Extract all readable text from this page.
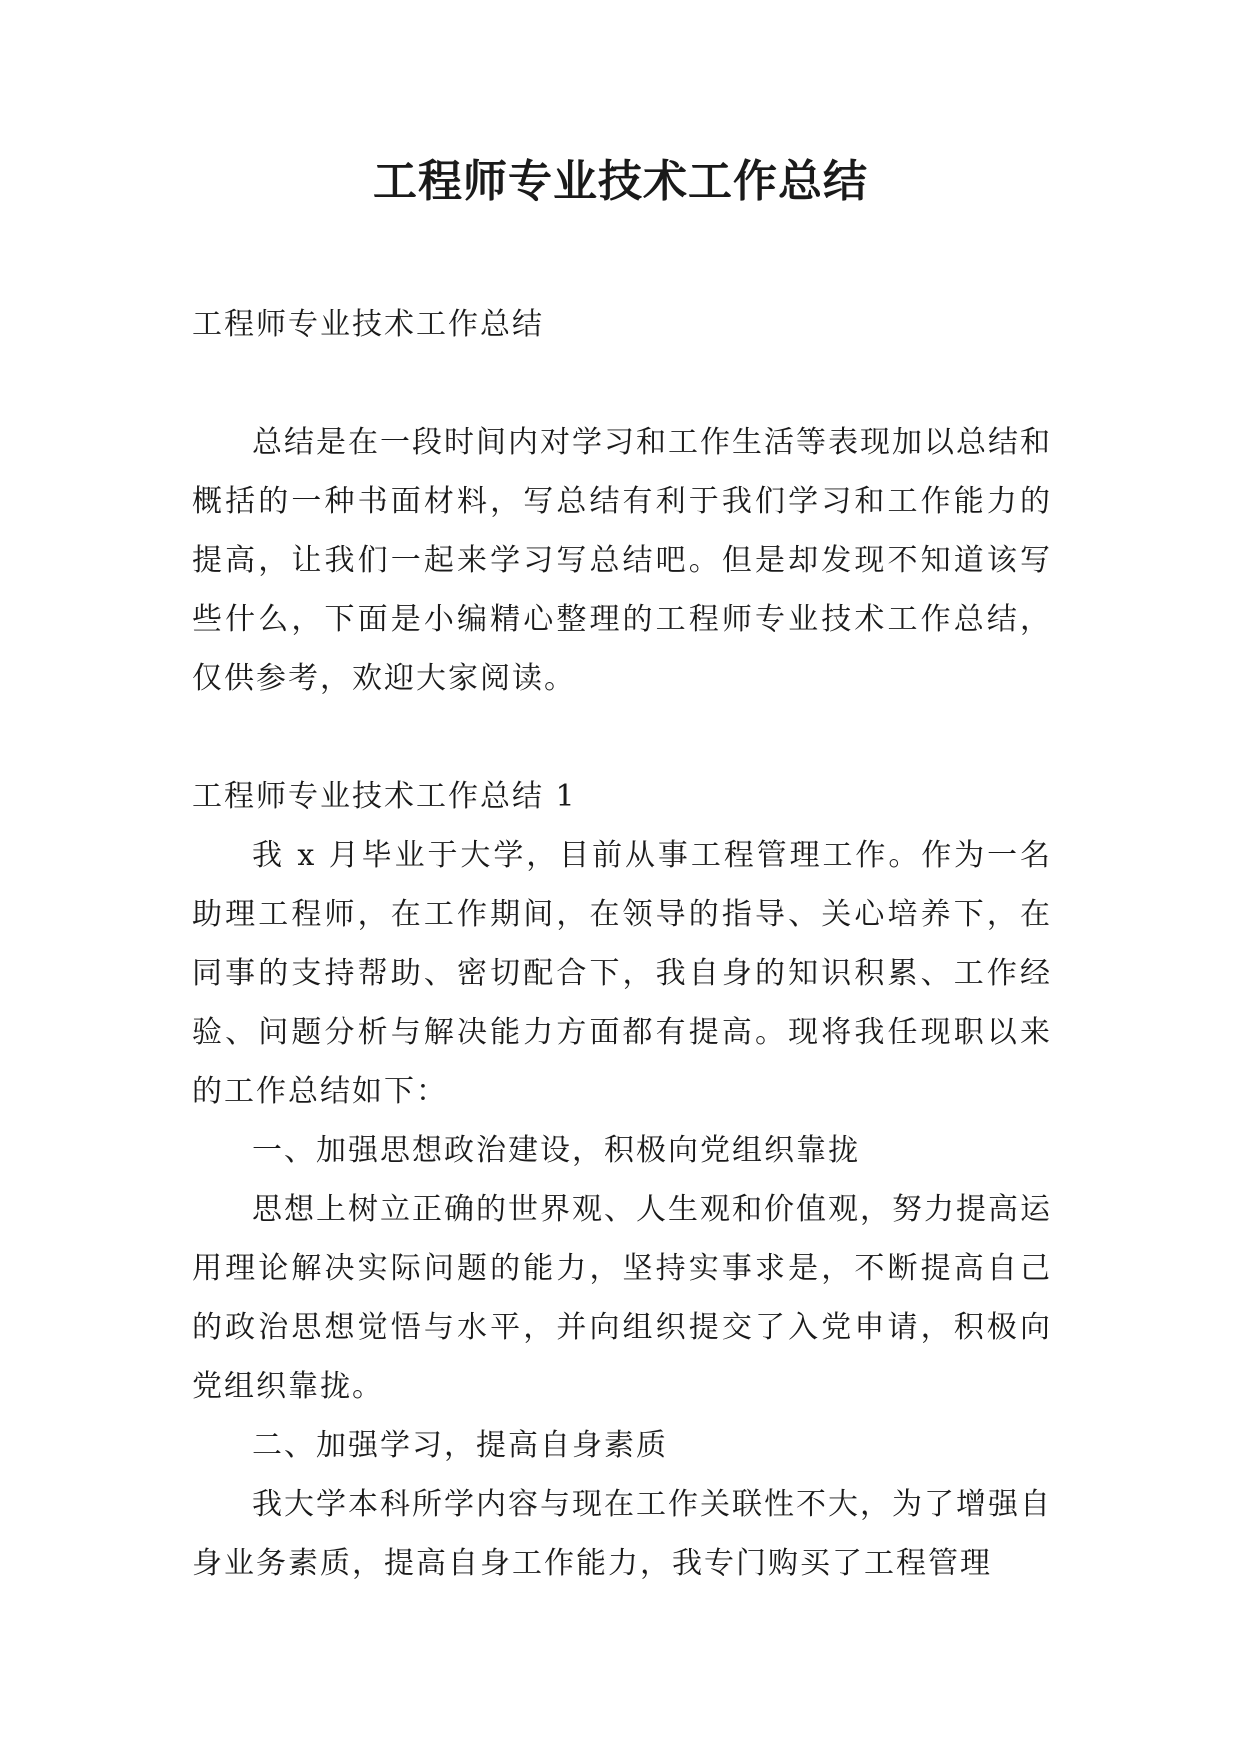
工程师专业技术工作总结

工程师专业技术工作总结

总结是在一段时间内对学习和工作生活等表现加以总结和概括的一种书面材料，写总结有利于我们学习和工作能力的提高，让我们一起来学习写总结吧。但是却发现不知道该写些什么，下面是小编精心整理的工程师专业技术工作总结，仅供参考，欢迎大家阅读。

工程师专业技术工作总结 1

我 x 月毕业于大学，目前从事工程管理工作。作为一名助理工程师，在工作期间，在领导的指导、关心培养下，在同事的支持帮助、密切配合下，我自身的知识积累、工作经验、问题分析与解决能力方面都有提高。现将我任现职以来的工作总结如下：

一、加强思想政治建设，积极向党组织靠拢

思想上树立正确的世界观、人生观和价值观，努力提高运用理论解决实际问题的能力，坚持实事求是，不断提高自己的政治思想觉悟与水平，并向组织提交了入党申请，积极向党组织靠拢。

二、加强学习，提高自身素质

我大学本科所学内容与现在工作关联性不大，为了增强自身业务素质，提高自身工作能力，我专门购买了工程管理
